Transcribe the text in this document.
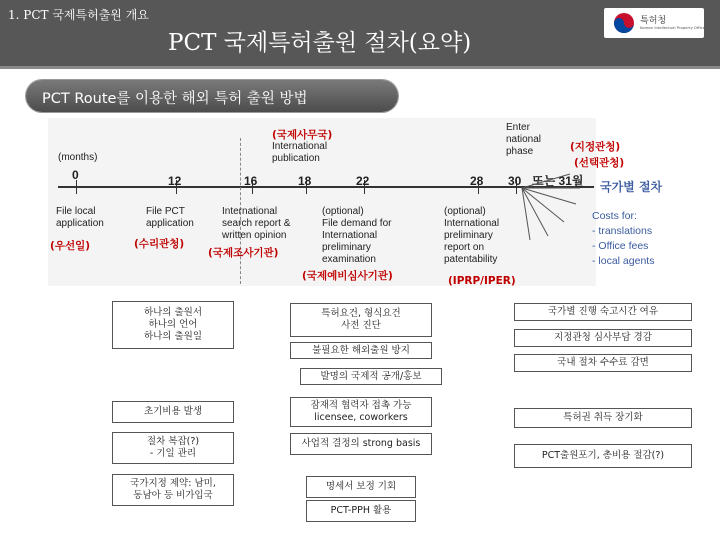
1. PCT 국제특허출원 개요
PCT 국제특허출원 절차(요약)
특허청
Korean Intellectual Property Office
PCT Route를 이용한 해외 특허 출원 방법
(months)
0	12	16	18	22	28 30 또는 31월
(국제사무국)
International
publication
Enter
national
phase	(지정관청)
(선택관청)
국가별 절차
File local
application
(우선일)
File PCT
application
(수리관청)
International
search report &
written opinion
(국제조사기관)
(optional)
File demand for
International
preliminary
examination
(국제예비심사기관)
(optional)
International
preliminary
report on
patentability
(IPRP/IPER)
Costs for:
- translations
- Office fees
- local agents
하나의 출원서
하나의 언어
하나의 출원일
특허요건, 형식요건
사전 진단
불필요한 해외출원 방지
국가별 진행 숙고시간 여유
지정관청 심사부담 경감
국내 절차 수수료 감면
발명의 국제적 공개/홍보
초기비용 발생
잠재적 협력자 접촉 가능
licensee, coworkers	특허권 취득 장기화
절차 복잡(?)
- 기일 관리
사업적 결정의 strong basis
PCT출원포기, 총비용 절감(?)
국가지정 제약: 남미,
동남아 등 비가입국
명세서 보정 기회
PCT-PPH 활용
